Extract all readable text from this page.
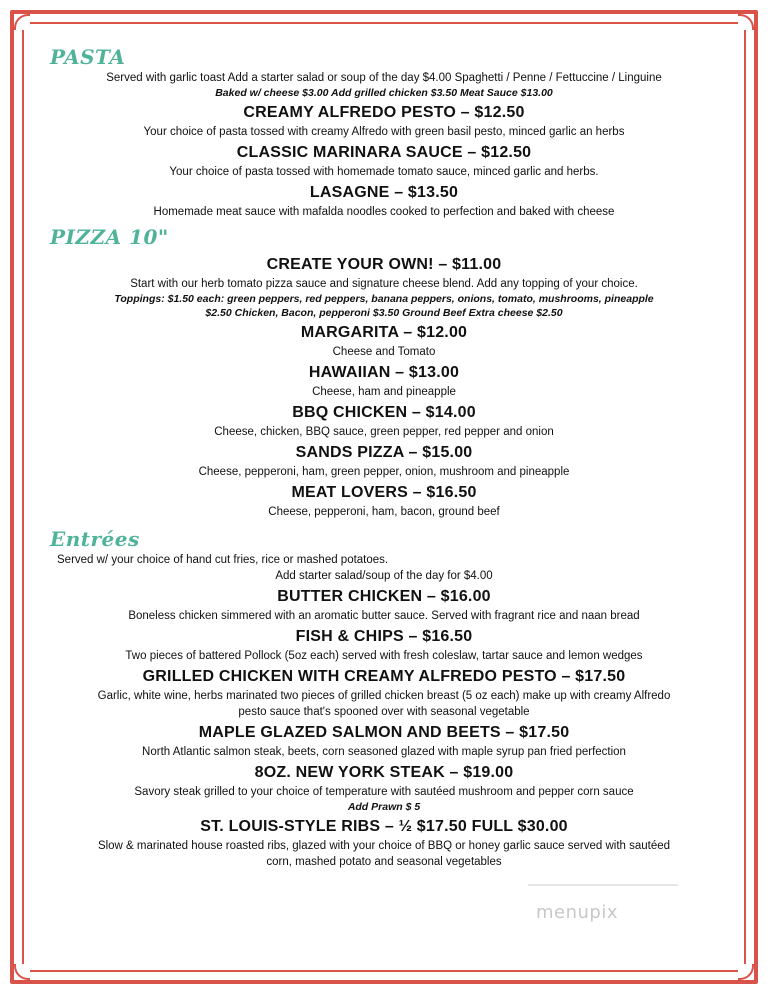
PASTA
Served with garlic toast Add a starter salad or soup of the day $4.00 Spaghetti / Penne / Fettuccine / Linguine
Baked w/ cheese $3.00 Add grilled chicken $3.50 Meat Sauce $13.00
CREAMY ALFREDO PESTO – $12.50
Your choice of pasta tossed with creamy Alfredo with green basil pesto, minced garlic an herbs
CLASSIC MARINARA SAUCE – $12.50
Your choice of pasta tossed with homemade tomato sauce, minced garlic and herbs.
LASAGNE – $13.50
Homemade meat sauce with mafalda noodles cooked to perfection and baked with cheese
PIZZA 10"
CREATE YOUR OWN! – $11.00
Start with our herb tomato pizza sauce and signature cheese blend. Add any topping of your choice.
Toppings: $1.50 each: green peppers, red peppers, banana peppers, onions, tomato, mushrooms, pineapple
$2.50 Chicken, Bacon, pepperoni $3.50 Ground Beef Extra cheese $2.50
MARGARITA – $12.00
Cheese and Tomato
HAWAIIAN – $13.00
Cheese, ham and pineapple
BBQ CHICKEN – $14.00
Cheese, chicken, BBQ sauce, green pepper, red pepper and onion
SANDS PIZZA – $15.00
Cheese, pepperoni, ham, green pepper, onion, mushroom and pineapple
MEAT LOVERS – $16.50
Cheese, pepperoni, ham, bacon, ground beef
Entrées
Served w/ your choice of hand cut fries, rice or mashed potatoes.
Add starter salad/soup of the day for $4.00
BUTTER CHICKEN – $16.00
Boneless chicken simmered with an aromatic butter sauce. Served with fragrant rice and naan bread
FISH & CHIPS – $16.50
Two pieces of battered Pollock (5oz each) served with fresh coleslaw, tartar sauce and lemon wedges
GRILLED CHICKEN WITH CREAMY ALFREDO PESTO – $17.50
Garlic, white wine, herbs marinated two pieces of grilled chicken breast (5 oz each) make up with creamy Alfredo
pesto sauce that's spooned over with seasonal vegetable
MAPLE GLAZED SALMON AND BEETS – $17.50
North Atlantic salmon steak, beets, corn seasoned glazed with maple syrup pan fried perfection
8OZ. NEW YORK STEAK – $19.00
Savory steak grilled to your choice of temperature with sautéed mushroom and pepper corn sauce
Add Prawn $ 5
ST. LOUIS-STYLE RIBS – ½ $17.50 FULL $30.00
Slow & marinated house roasted ribs, glazed with your choice of BBQ or honey garlic sauce served with sautéed
corn, mashed potato and seasonal vegetables
menupix
